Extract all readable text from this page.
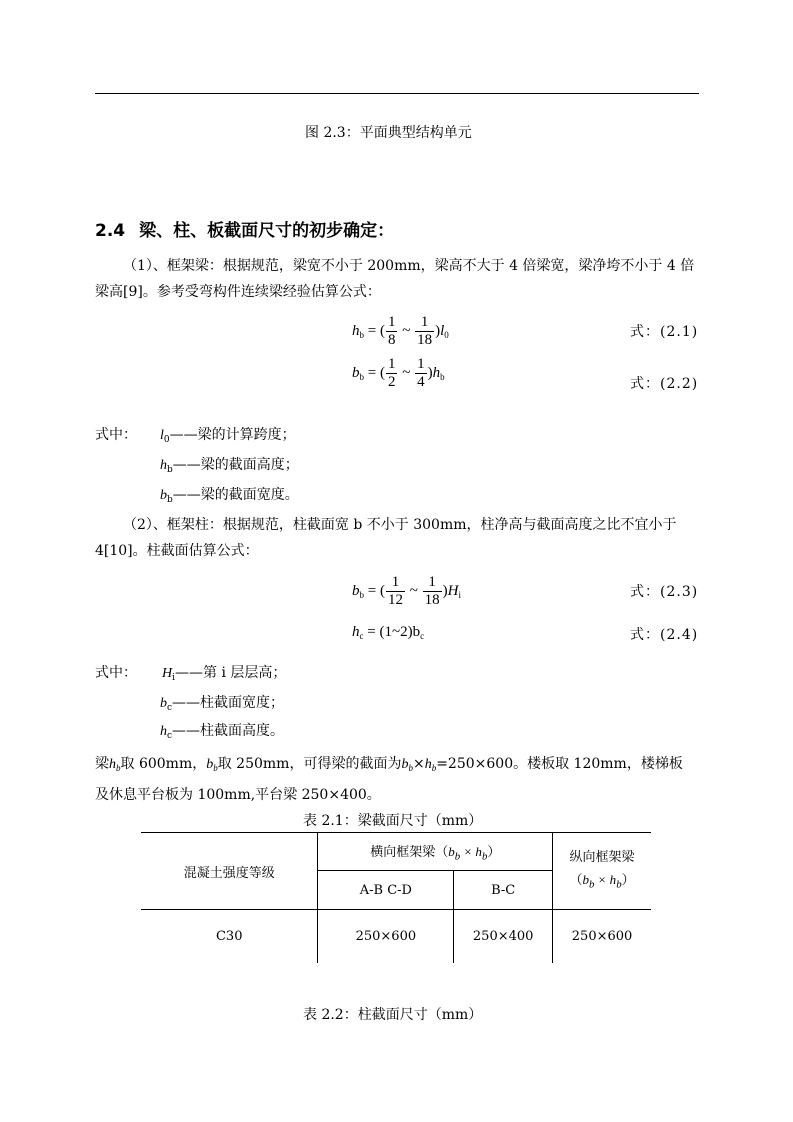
图 2.3：平面典型结构单元
2.4 梁、柱、板截面尺寸的初步确定：
（1）、框架梁：根据规范，梁宽不小于 200mm，梁高不大于 4 倍梁宽，梁净垮不小于 4 倍梁高[9]。参考受弯构件连续梁经验估算公式：
$h_b$ = ( $\frac{1}{8}$ ~ $\frac{1}{18} )l_0$	式：(2.1)
$b_b$ = ( $\frac{1}{2}$ ~ $\frac{1}{4} )h_b$	式：(2.2)
式中： $l_0——$梁的计算跨度；
$h_b——$梁的截面高度；
$b_b——$梁的截面宽度。
（2）、框架柱：根据规范，柱截面宽 b 不小于 300mm，柱净高与截面高度之比不宜小于 4[10]。柱截面估算公式：
$b_b$ = ( $\frac{1}{12}$ ~ $\frac{1}{18} )H_i$	式：(2.3)
$h_c$ = $(1\sim 2)b_c$	式：(2.4)
式中： $H_i——$第 i 层层高；
$b_c——$柱截面宽度；
$h_c——$柱截面高度。
梁$h_b$取 600mm，$b_b$取 250mm，可得梁的截面为$b_b\times h_b=250\times 600$。楼板取 120mm，楼梯板
及休息平台板为 100mm,平台梁 250×400。
表 2.1：梁截面尺寸（mm）
混凝土强度等级	横向框架梁$(b_b \times h_b)$		纵向框架梁
$(b_b \times h_b)$
	A-B C-D	B-C	
C30	250×600	250×400	250×600
表 2.2：柱截面尺寸（mm）
